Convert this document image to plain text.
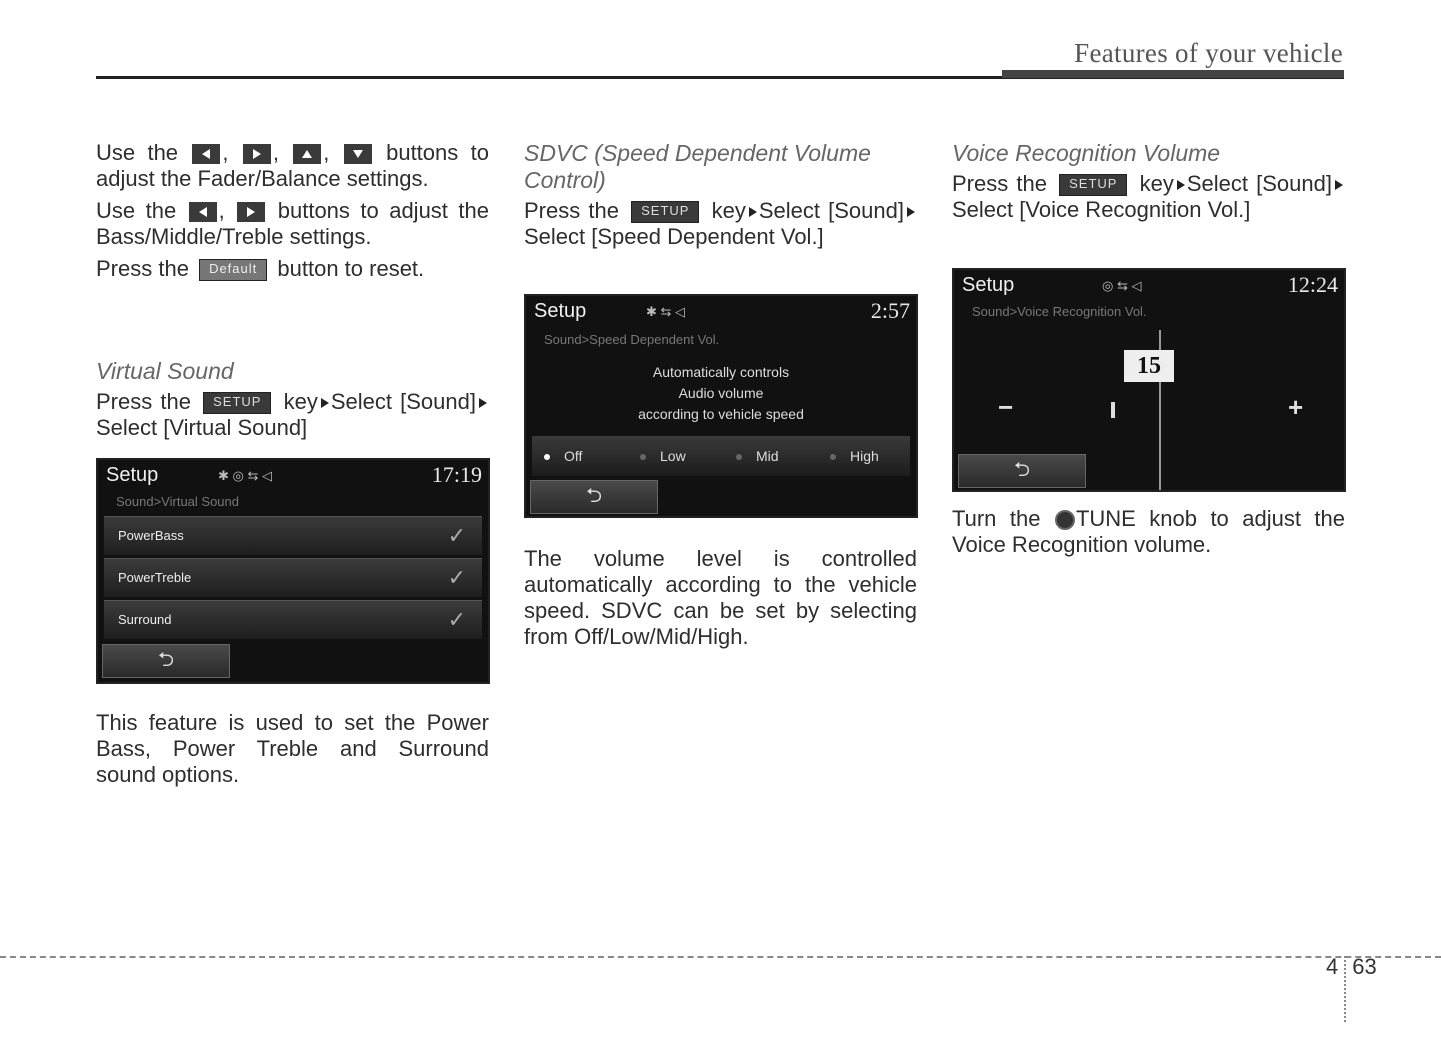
Features of your vehicle

Use the ,
,
,
buttons to adjust the Fader/Balance settings.

Use the ,
buttons to adjust the Bass/Middle/Treble settings.

Press the Default button to reset.

Virtual Sound

Press the SETUP key Select [Sound]Select [Virtual Sound]

Setup	✱ ◎ ⇆ ◁	17:19
Sound>Virtual Sound
PowerBass	✓
PowerTreble	✓
Surround	✓
⮌

This feature is used to set the Power Bass, Power Treble and Surround sound options.

SDVC (Speed Dependent Volume Control)

Press the SETUP key Select [Sound]Select [Speed Dependent Vol.]

Setup	✱ ⇆ ◁	2:57
Sound>Speed Dependent Vol.
Automatically controls
Audio volume
according to vehicle speed
Off	Low	Mid	High
⮌

The volume level is controlled automatically according to the vehicle speed. SDVC can be set by selecting from Off/Low/Mid/High.

Voice Recognition Volume

Press the SETUP key Select [Sound]Select [Voice Recognition Vol.]

Setup	◎ ⇆ ◁	12:24
Sound>Voice Recognition Vol.
15
−	+
⮌

Turn the TUNE knob to adjust the Voice Recognition volume.

4 63
